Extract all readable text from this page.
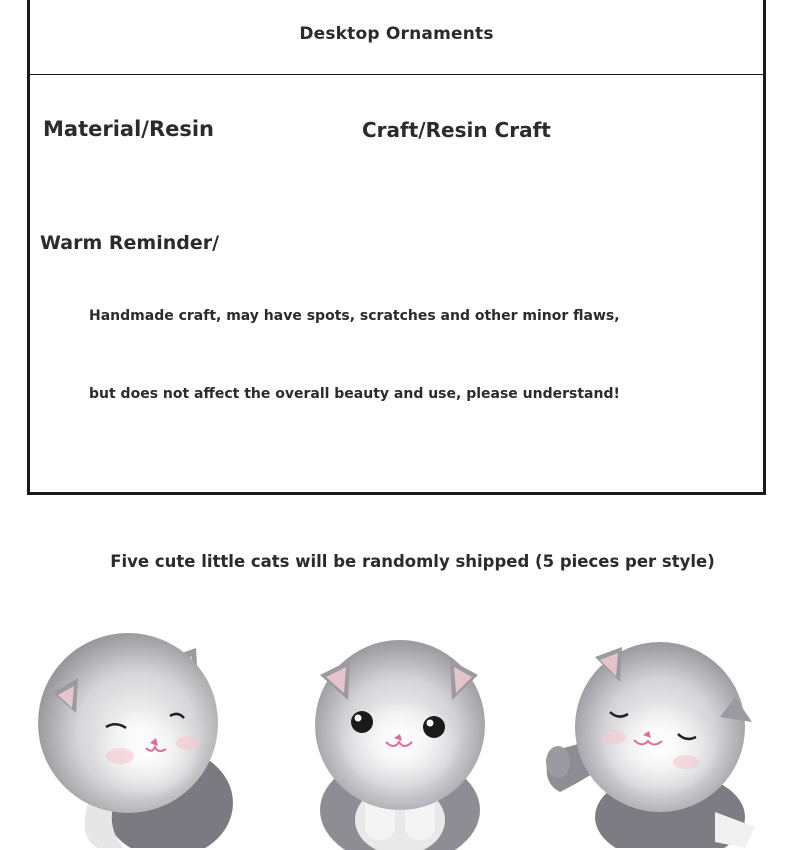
Desktop Ornaments
Material/Resin	Craft/Resin Craft
Warm Reminder/
Handmade craft, may have spots, scratches and other minor flaws,
but does not affect the overall beauty and use, please understand!
Five cute little cats will be randomly shipped (5 pieces per style)
